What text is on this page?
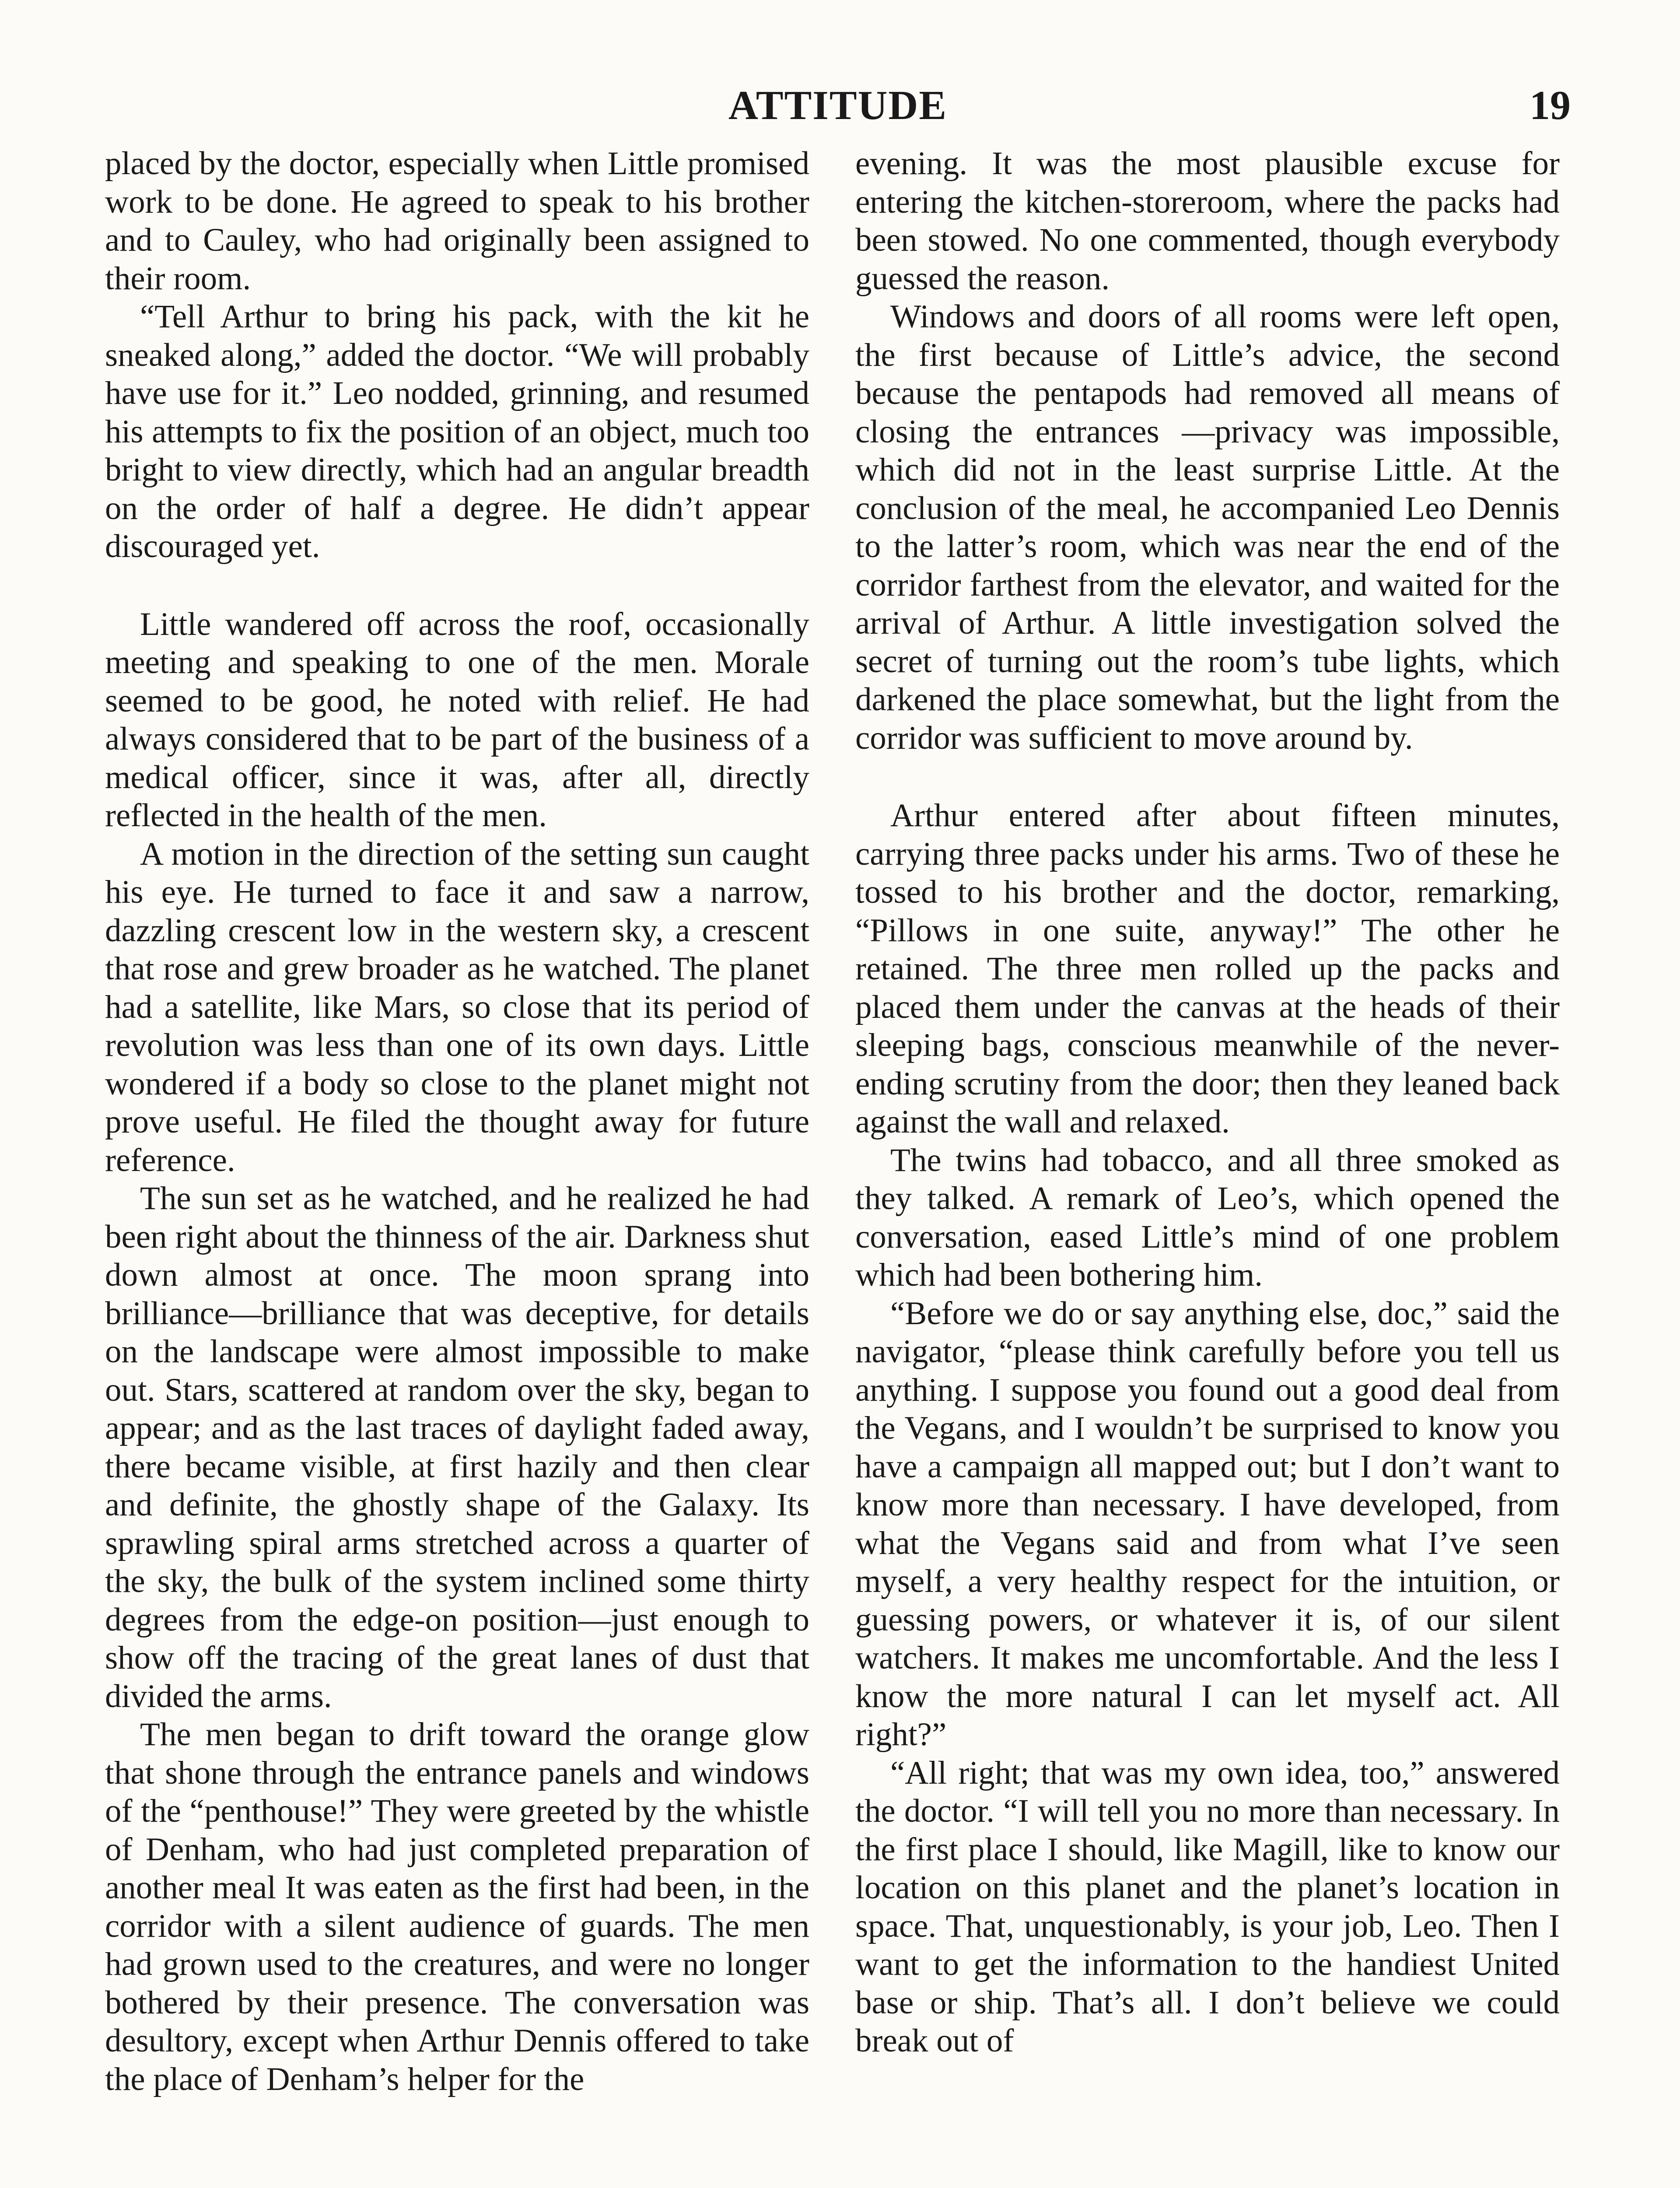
ATTITUDE	19

placed by the doctor, especially when Little promised work to be done. He agreed to speak to his brother and to Cauley, who had originally been assigned to their room.

“Tell Arthur to bring his pack, with the kit he sneaked along,” added the doctor. “We will probably have use for it.” Leo nodded, grinning, and resumed his attempts to fix the position of an object, much too bright to view directly, which had an angular breadth on the order of half a degree. He didn’t appear discouraged yet.

Little wandered off across the roof, occasionally meeting and speaking to one of the men. Morale seemed to be good, he noted with relief. He had always considered that to be part of the business of a medical officer, since it was, after all, directly reflected in the health of the men.

A motion in the direction of the setting sun caught his eye. He turned to face it and saw a narrow, dazzling crescent low in the western sky, a crescent that rose and grew broader as he watched. The planet had a satellite, like Mars, so close that its period of revolution was less than one of its own days. Little wondered if a body so close to the planet might not prove useful. He filed the thought away for future reference.

The sun set as he watched, and he realized he had been right about the thinness of the air. Darkness shut down almost at once. The moon sprang into brilliance—brilliance that was deceptive, for details on the landscape were almost impossible to make out. Stars, scattered at random over the sky, began to appear; and as the last traces of daylight faded away, there became visible, at first hazily and then clear and definite, the ghostly shape of the Galaxy. Its sprawling spiral arms stretched across a quarter of the sky, the bulk of the system inclined some thirty degrees from the edge-on position—just enough to show off the tracing of the great lanes of dust that divided the arms.

The men began to drift toward the orange glow that shone through the entrance panels and windows of the “penthouse!” They were greeted by the whistle of Denham, who had just completed preparation of another meal It was eaten as the first had been, in the corridor with a silent audience of guards. The men had grown used to the creatures, and were no longer bothered by their presence. The conversation was desultory, except when Arthur Dennis offered to take the place of Denham’s helper for the

evening. It was the most plausible excuse for entering the kitchen-storeroom, where the packs had been stowed. No one commented, though everybody guessed the reason.

Windows and doors of all rooms were left open, the first because of Little’s advice, the second because the pentapods had removed all means of closing the entrances —privacy was impossible, which did not in the least surprise Little. At the conclusion of the meal, he accompanied Leo Dennis to the latter’s room, which was near the end of the corridor farthest from the elevator, and waited for the arrival of Arthur. A little investigation solved the secret of turning out the room’s tube lights, which darkened the place somewhat, but the light from the corridor was sufficient to move around by.

Arthur entered after about fifteen minutes, carrying three packs under his arms. Two of these he tossed to his brother and the doctor, remarking, “Pillows in one suite, anyway!” The other he retained. The three men rolled up the packs and placed them under the canvas at the heads of their sleeping bags, conscious meanwhile of the never-ending scrutiny from the door; then they leaned back against the wall and relaxed.

The twins had tobacco, and all three smoked as they talked. A remark of Leo’s, which opened the conversation, eased Little’s mind of one problem which had been bothering him.

“Before we do or say anything else, doc,” said the navigator, “please think carefully before you tell us anything. I suppose you found out a good deal from the Vegans, and I wouldn’t be surprised to know you have a campaign all mapped out; but I don’t want to know more than necessary. I have developed, from what the Vegans said and from what I’ve seen myself, a very healthy respect for the intuition, or guessing powers, or whatever it is, of our silent watchers. It makes me uncomfortable. And the less I know the more natural I can let myself act. All right?”

“All right; that was my own idea, too,” answered the doctor. “I will tell you no more than necessary. In the first place I should, like Magill, like to know our location on this planet and the planet’s location in space. That, unquestionably, is your job, Leo. Then I want to get the information to the handiest United base or ship. That’s all. I don’t believe we could break out of
